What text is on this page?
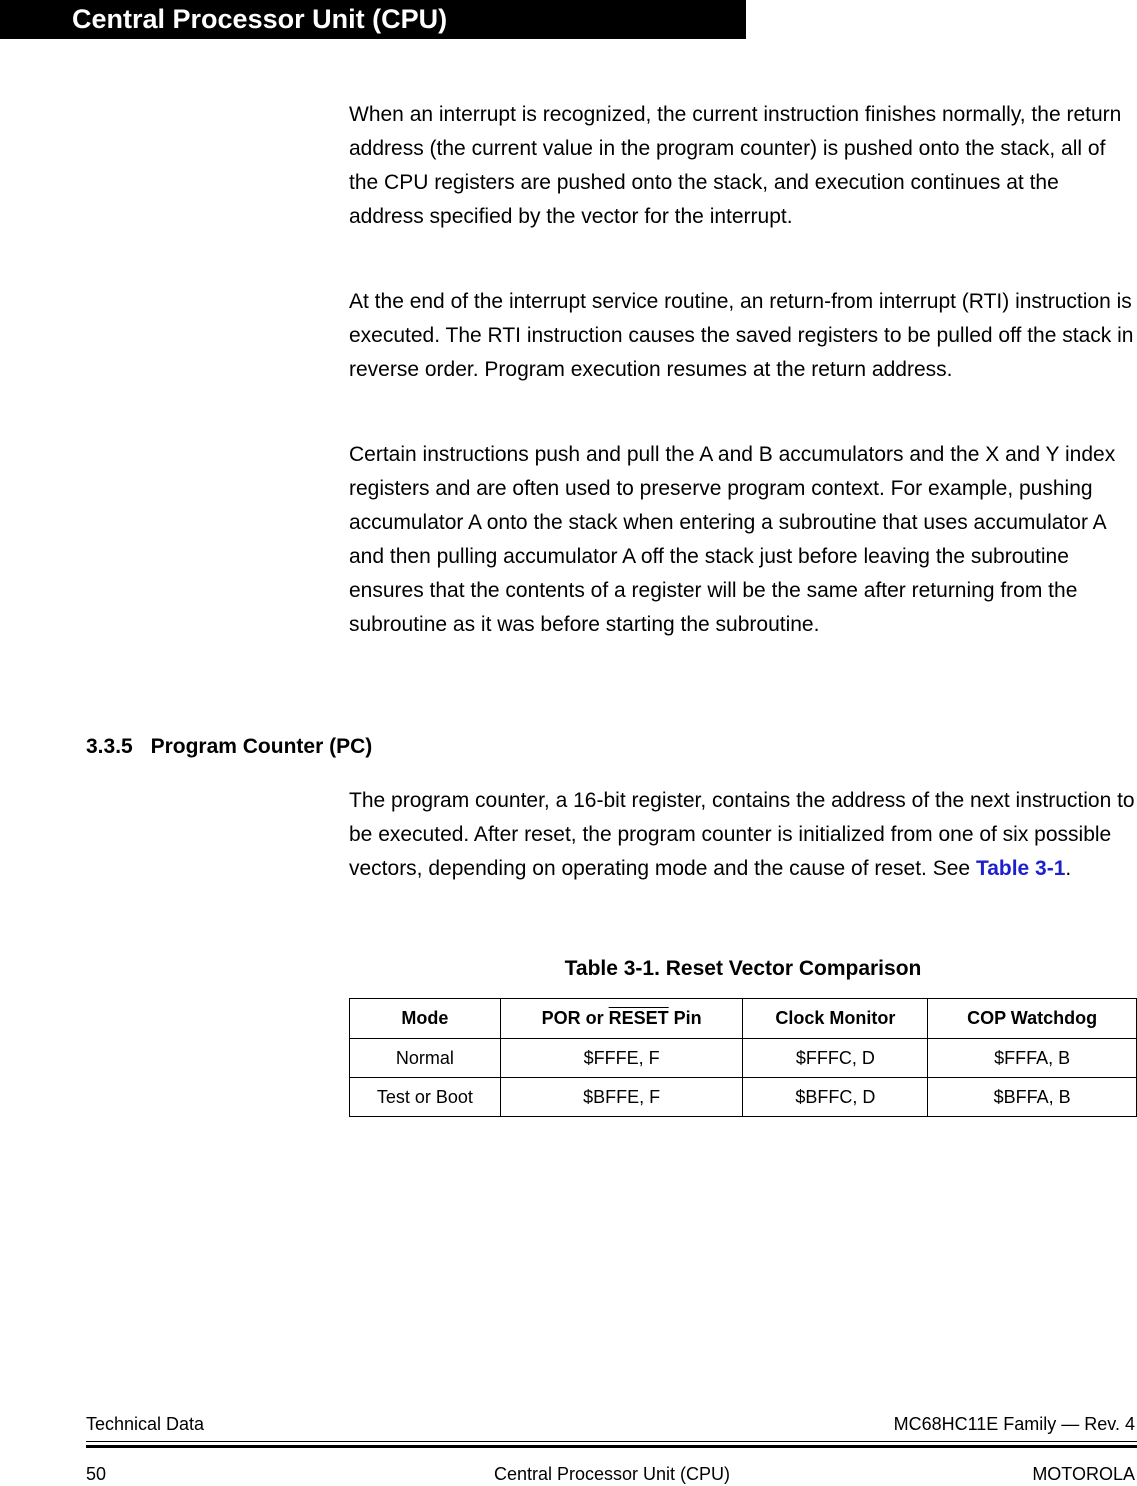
Central Processor Unit (CPU)

When an interrupt is recognized, the current instruction finishes normally, the return address (the current value in the program counter) is pushed onto the stack, all of the CPU registers are pushed onto the stack, and execution continues at the address specified by the vector for the interrupt.

At the end of the interrupt service routine, an return-from interrupt (RTI) instruction is executed. The RTI instruction causes the saved registers to be pulled off the stack in reverse order. Program execution resumes at the return address.

Certain instructions push and pull the A and B accumulators and the X and Y index registers and are often used to preserve program context. For example, pushing accumulator A onto the stack when entering a subroutine that uses accumulator A and then pulling accumulator A off the stack just before leaving the subroutine ensures that the contents of a register will be the same after returning from the subroutine as it was before starting the subroutine.

3.3.5 Program Counter (PC)

The program counter, a 16-bit register, contains the address of the next instruction to be executed. After reset, the program counter is initialized from one of six possible vectors, depending on operating mode and the cause of reset. See Table 3-1.

Table 3-1. Reset Vector Comparison
Mode	POR or RESET Pin	Clock Monitor	COP Watchdog
Normal	$FFFE, F	$FFFC, D	$FFFA, B
Test or Boot	$BFFE, F	$BFFC, D	$BFFA, B
Technical Data	MC68HC11E Family — Rev. 4
50	Central Processor Unit (CPU)	MOTOROLA
